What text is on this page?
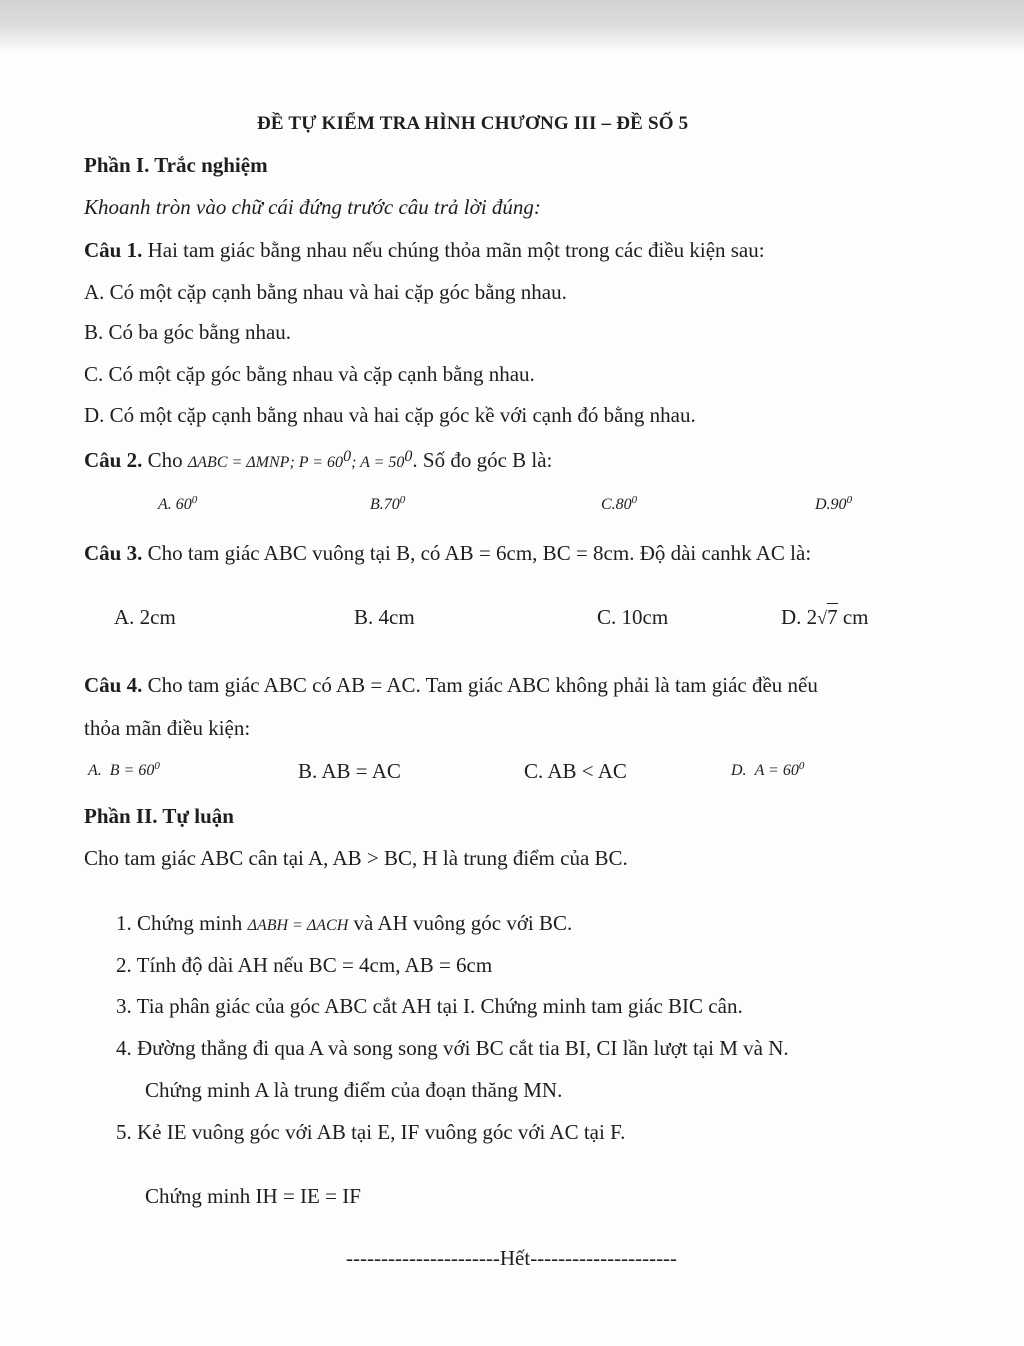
ĐỀ TỰ KIỂM TRA HÌNH CHƯƠNG III – ĐỀ SỐ 5
Phần I. Trắc nghiệm
Khoanh tròn vào chữ cái đứng trước câu trả lời đúng:
Câu 1. Hai tam giác bằng nhau nếu chúng thỏa mãn một trong các điều kiện sau:
A. Có một cặp cạnh bằng nhau và hai cặp góc bằng nhau.
B. Có ba góc bằng nhau.
C. Có một cặp góc bằng nhau và cặp cạnh bằng nhau.
D. Có một cặp cạnh bằng nhau và hai cặp góc kề với cạnh đó bằng nhau.
Câu 2. Cho ΔABC = ΔMNP; $P = 60^0$; $A = 50^0$. Số đo góc B là:
A. $60^0$	$B.70^0$	$C.80^0$	$D.90^0$
Câu 3. Cho tam giác ABC vuông tại B, có AB = 6cm, BC = 8cm. Độ dài canhk AC là:
A. 2cm	B. 4cm	C. 10cm	D. 2√7 cm
Câu 4. Cho tam giác ABC có AB = AC. Tam giác ABC không phải là tam giác đều nếu
thỏa mãn điều kiện:
A. $B = 60^0$	B. AB = AC	C. AB < AC	D. $A = 60^0$
Phần II. Tự luận
Cho tam giác ABC cân tại A, AB > BC, H là trung điểm của BC.
1. Chứng minh ΔABH = ΔACH và AH vuông góc với BC.
2. Tính độ dài AH nếu BC = 4cm, AB = 6cm
3. Tia phân giác của góc ABC cắt AH tại I. Chứng minh tam giác BIC cân.
4. Đường thẳng đi qua A và song song với BC cắt tia BI, CI lần lượt tại M và N.
Chứng minh A là trung điểm của đoạn thăng MN.
5. Kẻ IE vuông góc với AB tại E, IF vuông góc với AC tại F.
Chứng minh IH = IE = IF
----------------------Hết---------------------
